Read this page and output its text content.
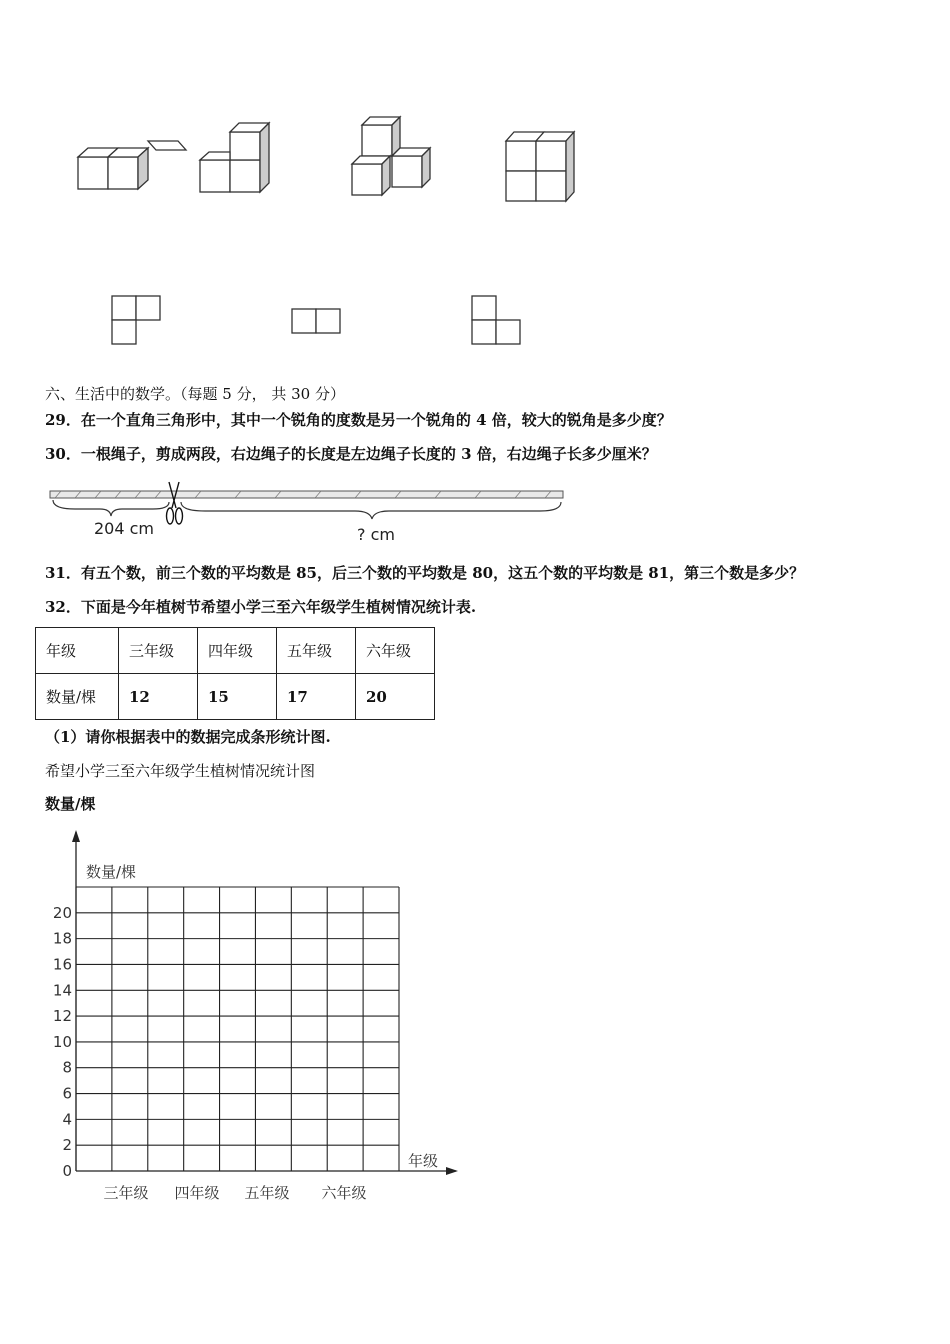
六、生活中的数学。（每题 5 分， 共 30 分）
29．在一个直角三角形中，其中一个锐角的度数是另一个锐角的 4 倍，较大的锐角是多少度？
30．一根绳子，剪成两段，右边绳子的长度是左边绳子长度的 3 倍，右边绳子长多少厘米？
204 cm	? cm
31．有五个数，前三个数的平均数是 85，后三个数的平均数是 80，这五个数的平均数是 81，第三个数是多少？
32．下面是今年植树节希望小学三至六年级学生植树情况统计表.
年级	三年级	四年级	五年级	六年级
数量/棵	12	15	17	20
（1）请你根据表中的数据完成条形统计图.
希望小学三至六年级学生植树情况统计图
数量/棵
数量/棵
年级
0
2
4
6
8
10
12
14
16
18
20
三年级 四年级 五年级 六年级
